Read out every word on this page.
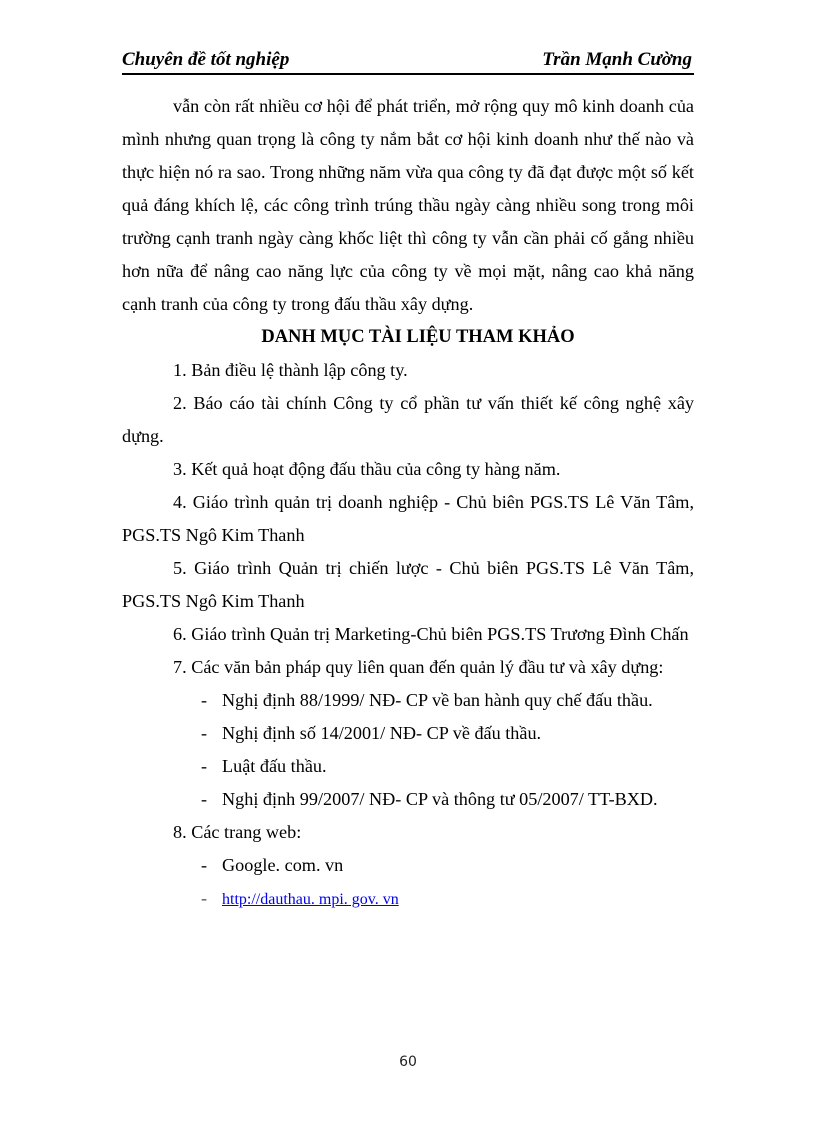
Chuyên đề tốt nghiệp	Trần Mạnh Cường

vẫn còn rất nhiều cơ hội để phát triển, mở rộng quy mô kinh doanh của mình nhưng quan trọng là công ty nắm bắt cơ hội kinh doanh như thế nào và thực hiện nó ra sao. Trong những năm vừa qua công ty đã đạt được một số kết quả đáng khích lệ, các công trình trúng thầu ngày càng nhiều song trong môi trường cạnh tranh ngày càng khốc liệt thì công ty vẫn cần phải cố gắng nhiều hơn nữa để nâng cao năng lực của công ty về mọi mặt, nâng cao khả năng cạnh tranh của công ty trong đấu thầu xây dựng.

DANH MỤC TÀI LIỆU THAM KHẢO

1. Bản điều lệ thành lập công ty.

2. Báo cáo tài chính Công ty cổ phần tư vấn thiết kế công nghệ xây dựng.

3. Kết quả hoạt động đấu thầu của công ty hàng năm.

4. Giáo trình quản trị doanh nghiệp - Chủ biên PGS.TS Lê Văn Tâm, PGS.TS Ngô Kim Thanh

5. Giáo trình Quản trị chiến lược - Chủ biên PGS.TS Lê Văn Tâm, PGS.TS Ngô Kim Thanh

6. Giáo trình Quản trị Marketing-Chủ biên PGS.TS Trương Đình Chấn

7. Các văn bản pháp quy liên quan đến quản lý đầu tư và xây dựng:

- Nghị định 88/1999/ NĐ- CP về ban hành quy chế đấu thầu.

- Nghị định số 14/2001/ NĐ- CP về đấu thầu.

- Luật đấu thầu.

- Nghị định 99/2007/ NĐ- CP và thông tư 05/2007/ TT-BXD.

8. Các trang web:

- Google. com. vn

- http://dauthau. mpi. gov. vn

60
